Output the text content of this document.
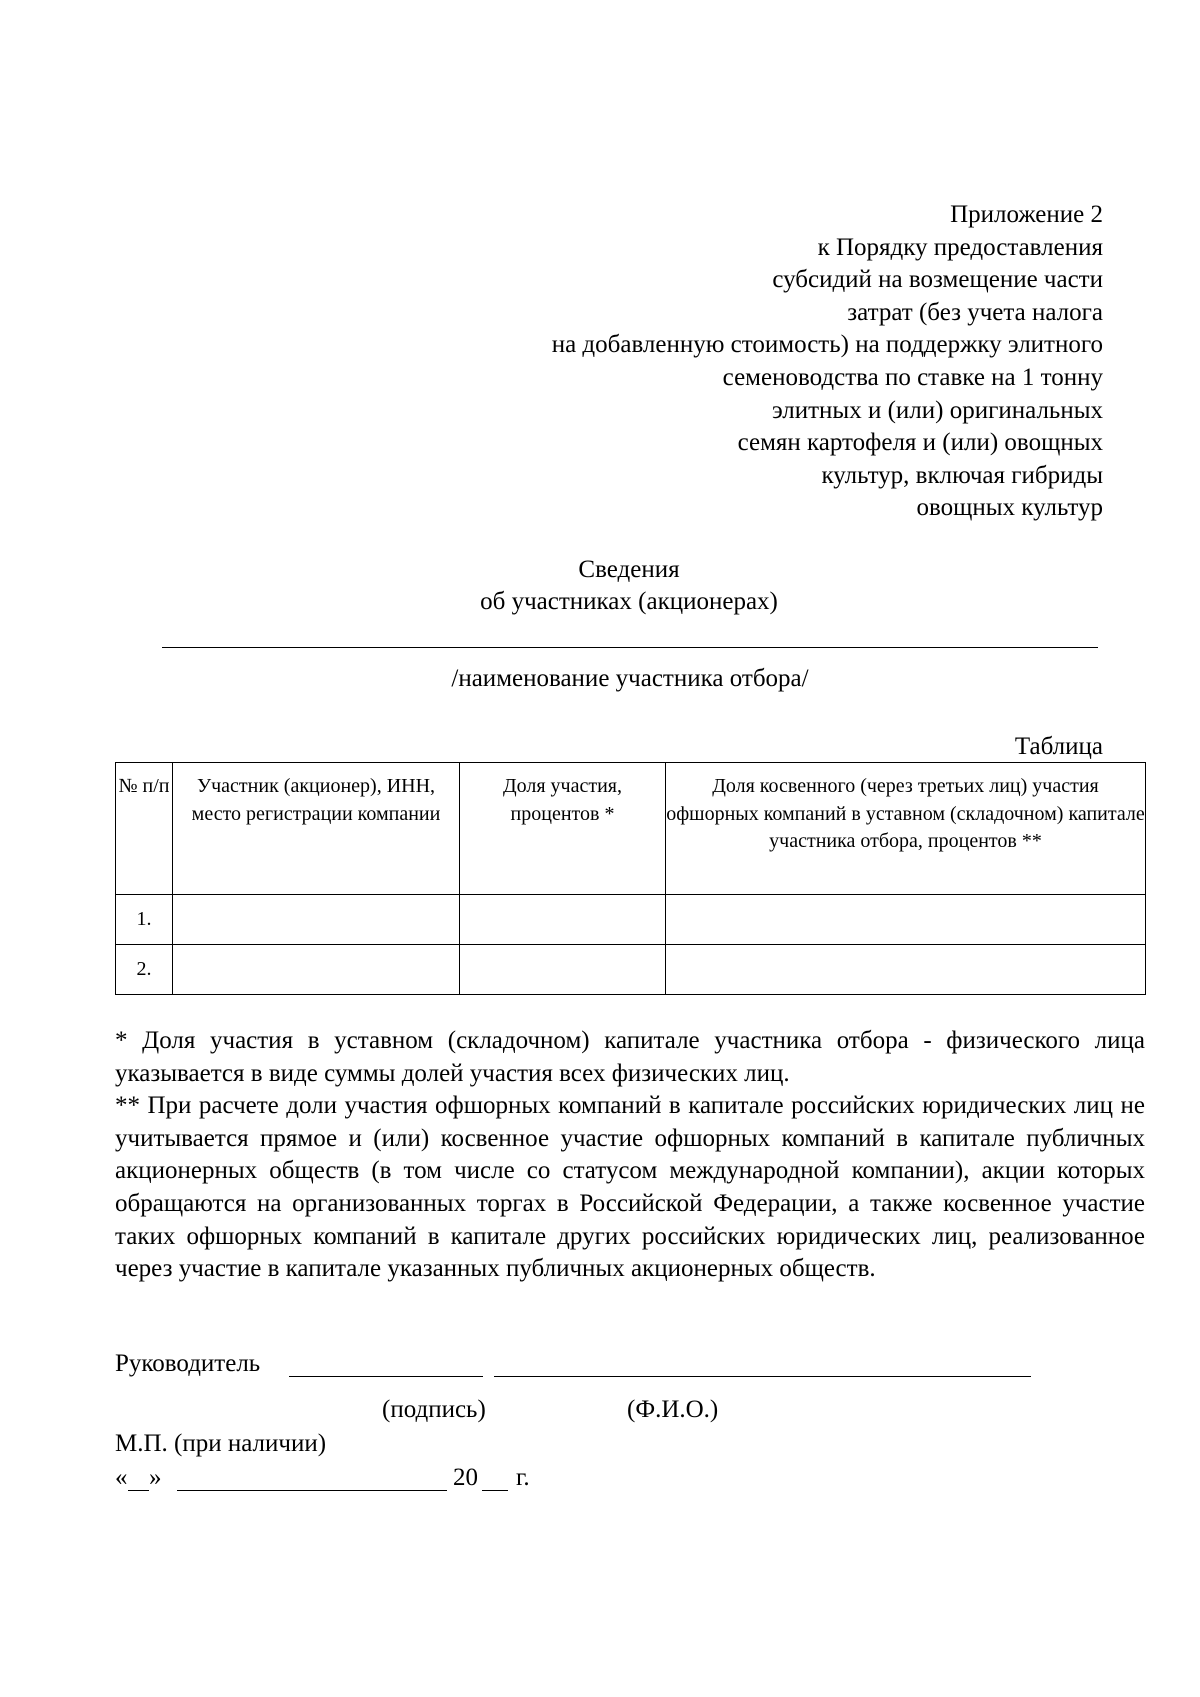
Приложение 2
к Порядку предоставления
субсидий на возмещение части
затрат (без учета налога
на добавленную стоимость) на поддержку элитного
семеноводства по ставке на 1 тонну
элитных и (или) оригинальных
семян картофеля и (или) овощных
культур, включая гибриды
овощных культур
Сведения
об участниках (акционерах)
/наименование участника отбора/
Таблица
№ п/п	Участник (акционер), ИНН, место регистрации компании	Доля участия, процентов *	Доля косвенного (через третьих лиц) участия офшорных компаний в уставном (складочном) капитале участника отбора, процентов **
1.			
2.			

* Доля участия в уставном (складочном) капитале участника отбора - физического лица указывается в виде суммы долей участия всех физических лиц.

** При расчете доли участия офшорных компаний в капитале российских юридических лиц не учитывается прямое и (или) косвенное участие офшорных компаний в капитале публичных акционерных обществ (в том числе со статусом международной компании), акции которых обращаются на организованных торгах в Российской Федерации, а также косвенное участие таких офшорных компаний в капитале других российских юридических лиц, реализованное через участие в капитале указанных публичных акционерных обществ.

Руководитель
(подпись)	(Ф.И.О.)
М.П. (при наличии)
« »	20 г.
